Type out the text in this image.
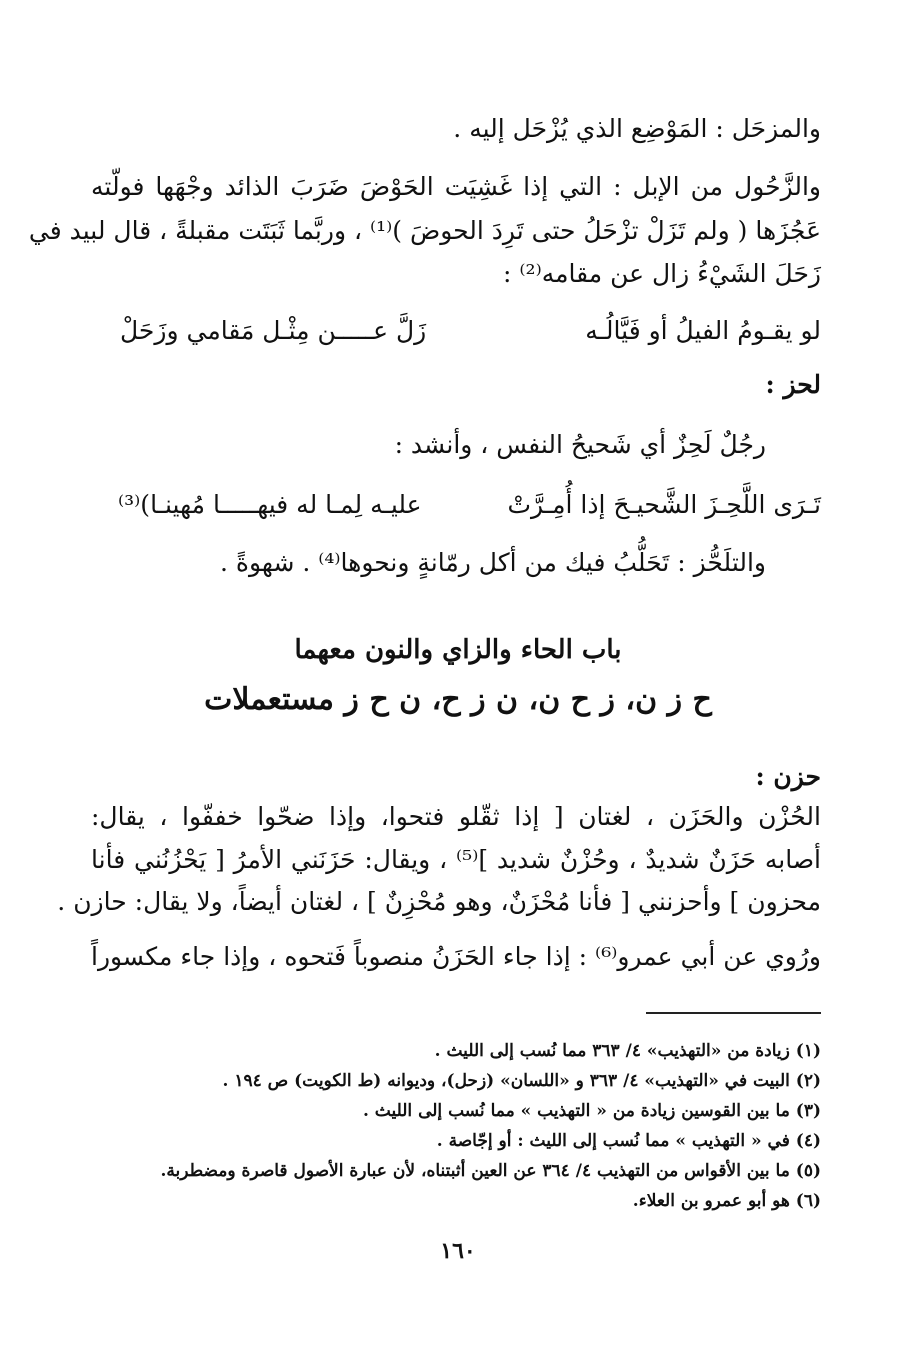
والمزحَل : المَوْضِع الذي يُزْحَل إليه .
والزَّحُول من الإبل : التي إذا غَشِيَت الحَوْضَ ضَرَبَ الذائد وجْهَها فولّته
عَجُزَها ( ولم تَزَلْ تزْحَلُ حتى تَرِدَ الحوضَ )⁽¹⁾ ، وربَّما ثَبَتَت مقبلةً ، قال لبيد في
زَحَلَ الشَيْءُ زال عن مقامه⁽²⁾ :
لو يقـومُ الفيلُ أو فَيَّالُـه
زَلَّ عـــــن مِثْـل مَقامي وزَحَلْ
لحز :
رجُلٌ لَحِزٌ أي شَحيحُ النفس ، وأنشد :
تَـرَى اللَّحِـزَ الشَّحيـحَ إذا أُمِـرَّتْ
عليـه لِمـا له فيهـــــا مُهينـا)⁽³⁾
والتلَحُّز : تَحَلُّبُ فيك من أكل رمّانةٍ ونحوها⁽⁴⁾ . شهوةً .
باب الحاء والزاي والنون معهما
ح ز ن، ز ح ن، ن ز ح، ن ح ز مستعملات
حزن :
الحُزْن والحَزَن ، لغتان [ إذا ثقّلو فتحوا، وإذا ضحّوا خففّوا ، يقال:
أصابه حَزَنٌ شديدٌ ، وحُزْنٌ شديد ]⁽⁵⁾ ، ويقال: حَزَنَني الأمرُ [ يَحْزُنُني فأنا
محزون ] وأحزنني [ فأنا مُحْزَنٌ، وهو مُحْزِنٌ ] ، لغتان أيضاً، ولا يقال: حازن .
ورُوي عن أبي عمرو⁽⁶⁾ : إذا جاء الحَزَنُ منصوباً فَتحوه ، وإذا جاء مكسوراً
(١) زيادة من «التهذيب» ٤/ ٣٦٣ مما نُسب إلى الليث .
(٢) البيت في «التهذيب» ٤/ ٣٦٣ و «اللسان» (زحل)، وديوانه (ط الكويت) ص ١٩٤ .
(٣) ما بين القوسين زيادة من « التهذيب » مما نُسب إلى الليث .
(٤) في « التهذيب » مما نُسب إلى الليث : أو إجّاصة .
(٥) ما بين الأقواس من التهذيب ٤/ ٣٦٤ عن العين أثبتناه، لأن عبارة الأصول قاصرة ومضطربة.
(٦) هو أبو عمرو بن العلاء.
١٦٠
